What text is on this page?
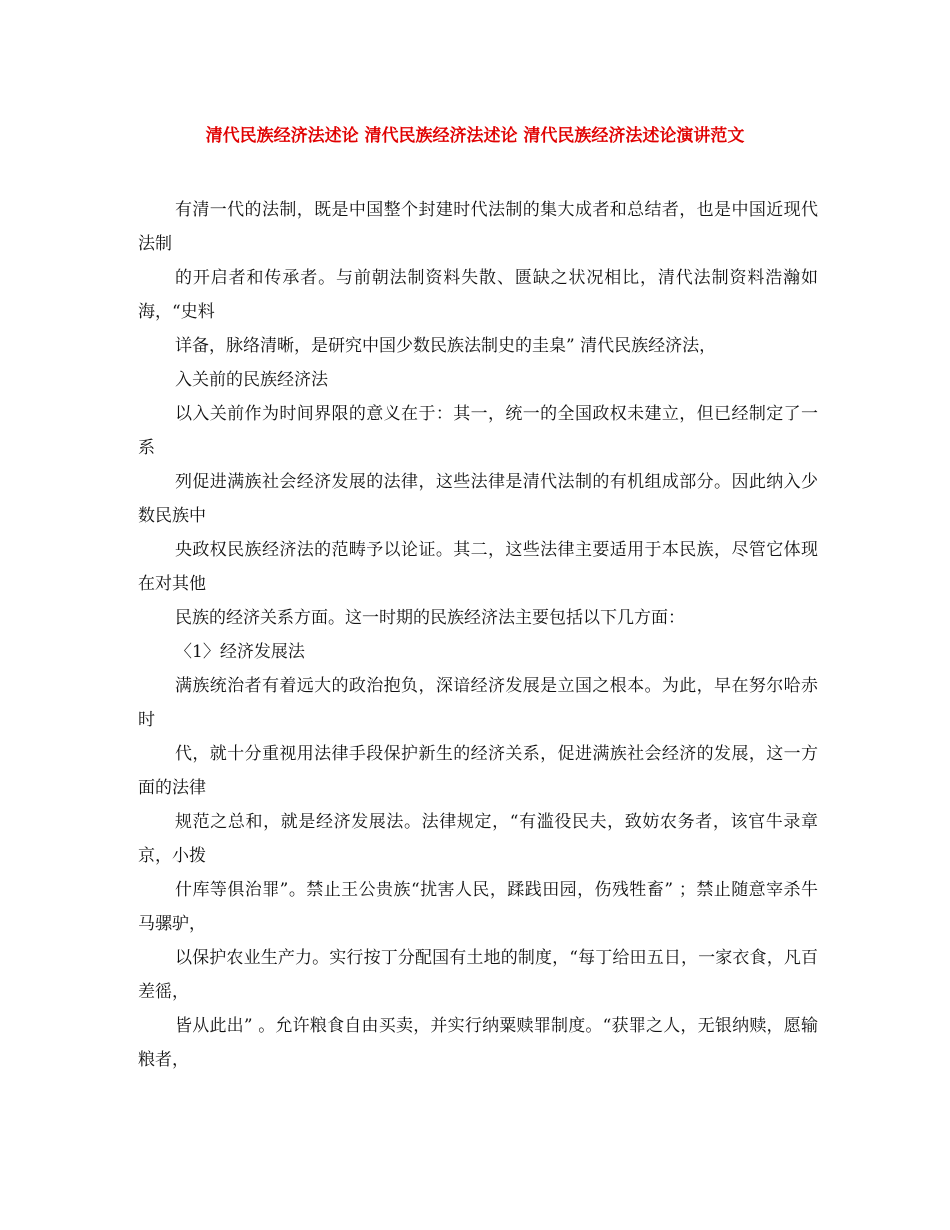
清代民族经济法述论 清代民族经济法述论 清代民族经济法述论演讲范文

有清一代的法制，既是中国整个封建时代法制的集大成者和总结者，也是中国近现代法制

的开启者和传承者。与前朝法制资料失散、匮缺之状况相比，清代法制资料浩瀚如海，“史料

详备，脉络清晰，是研究中国少数民族法制史的圭臬” 清代民族经济法，

入关前的民族经济法

以入关前作为时间界限的意义在于：其一，统一的全国政权未建立，但已经制定了一系

列促进满族社会经济发展的法律，这些法律是清代法制的有机组成部分。因此纳入少数民族中

央政权民族经济法的范畴予以论证。其二，这些法律主要适用于本民族，尽管它体现在对其他

民族的经济关系方面。这一时期的民族经济法主要包括以下几方面：

〈1〉经济发展法

满族统治者有着远大的政治抱负，深谙经济发展是立国之根本。为此，早在努尔哈赤时

代，就十分重视用法律手段保护新生的经济关系，促进满族社会经济的发展，这一方面的法律

规范之总和，就是经济发展法。法律规定，“有滥役民夫，致妨农务者，该官牛录章京，小拨

什库等俱治罪”。禁止王公贵族“扰害人民，蹂践田园，伤残牲畜” ；禁止随意宰杀牛马骡驴，

以保护农业生产力。实行按丁分配国有土地的制度，“每丁给田五日，一家衣食，凡百差徭，

皆从此出” 。允许粮食自由买卖，并实行纳粟赎罪制度。“获罪之人，无银纳赎，愿输粮者，
